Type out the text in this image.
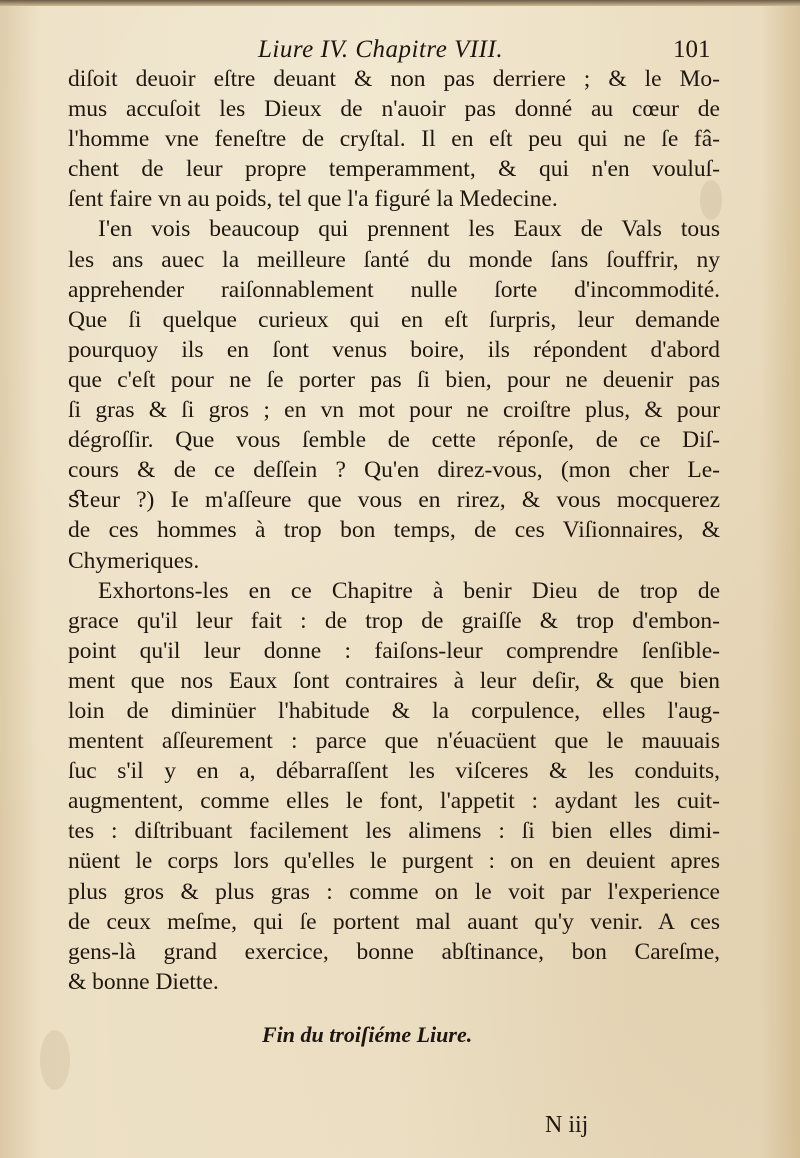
Liure IV. Chapitre VIII.	101
diſoit deuoir eſtre deuant & non pas derriere ; & le Mo-
mus accuſoit les Dieux de n'auoir pas donné au cœur de
l'homme vne feneſtre de cryſtal. Il en eſt peu qui ne ſe fâ-
chent de leur propre temperamment, & qui n'en vouluſ-
ſent faire vn au poids, tel que l'a figuré la Medecine.
I'en vois beaucoup qui prennent les Eaux de Vals tous
les ans auec la meilleure ſanté du monde ſans ſouffrir, ny
apprehender raiſonnablement nulle ſorte d'incommodité.
Que ſi quelque curieux qui en eſt ſurpris, leur demande
pourquoy ils en ſont venus boire, ils répondent d'abord
que c'eſt pour ne ſe porter pas ſi bien, pour ne deuenir pas
ſi gras & ſi gros ; en vn mot pour ne croiſtre plus, & pour
dégroſſir. Que vous ſemble de cette réponſe, de ce Diſ-
cours & de ce deſſein ? Qu'en direz-vous, (mon cher Le-
ﬆeur ?) Ie m'aſſeure que vous en rirez, & vous mocquerez
de ces hommes à trop bon temps, de ces Viſionnaires, &
Chymeriques.
Exhortons-les en ce Chapitre à benir Dieu de trop de
grace qu'il leur fait : de trop de graiſſe & trop d'embon-
point qu'il leur donne : faiſons-leur comprendre ſenſible-
ment que nos Eaux ſont contraires à leur deſir, & que bien
loin de diminüer l'habitude & la corpulence, elles l'aug-
mentent aſſeurement : parce que n'éuacüent que le mauuais
ſuc s'il y en a, débarraſſent les viſceres & les conduits,
augmentent, comme elles le font, l'appetit : aydant les cuit-
tes : diſtribuant facilement les alimens : ſi bien elles dimi-
nüent le corps lors qu'elles le purgent : on en deuient apres
plus gros & plus gras : comme on le voit par l'experience
de ceux meſme, qui ſe portent mal auant qu'y venir. A ces
gens-là grand exercice, bonne abſtinance, bon Careſme,
& bonne Diette.
Fin du troiſiéme Liure.
N iij
